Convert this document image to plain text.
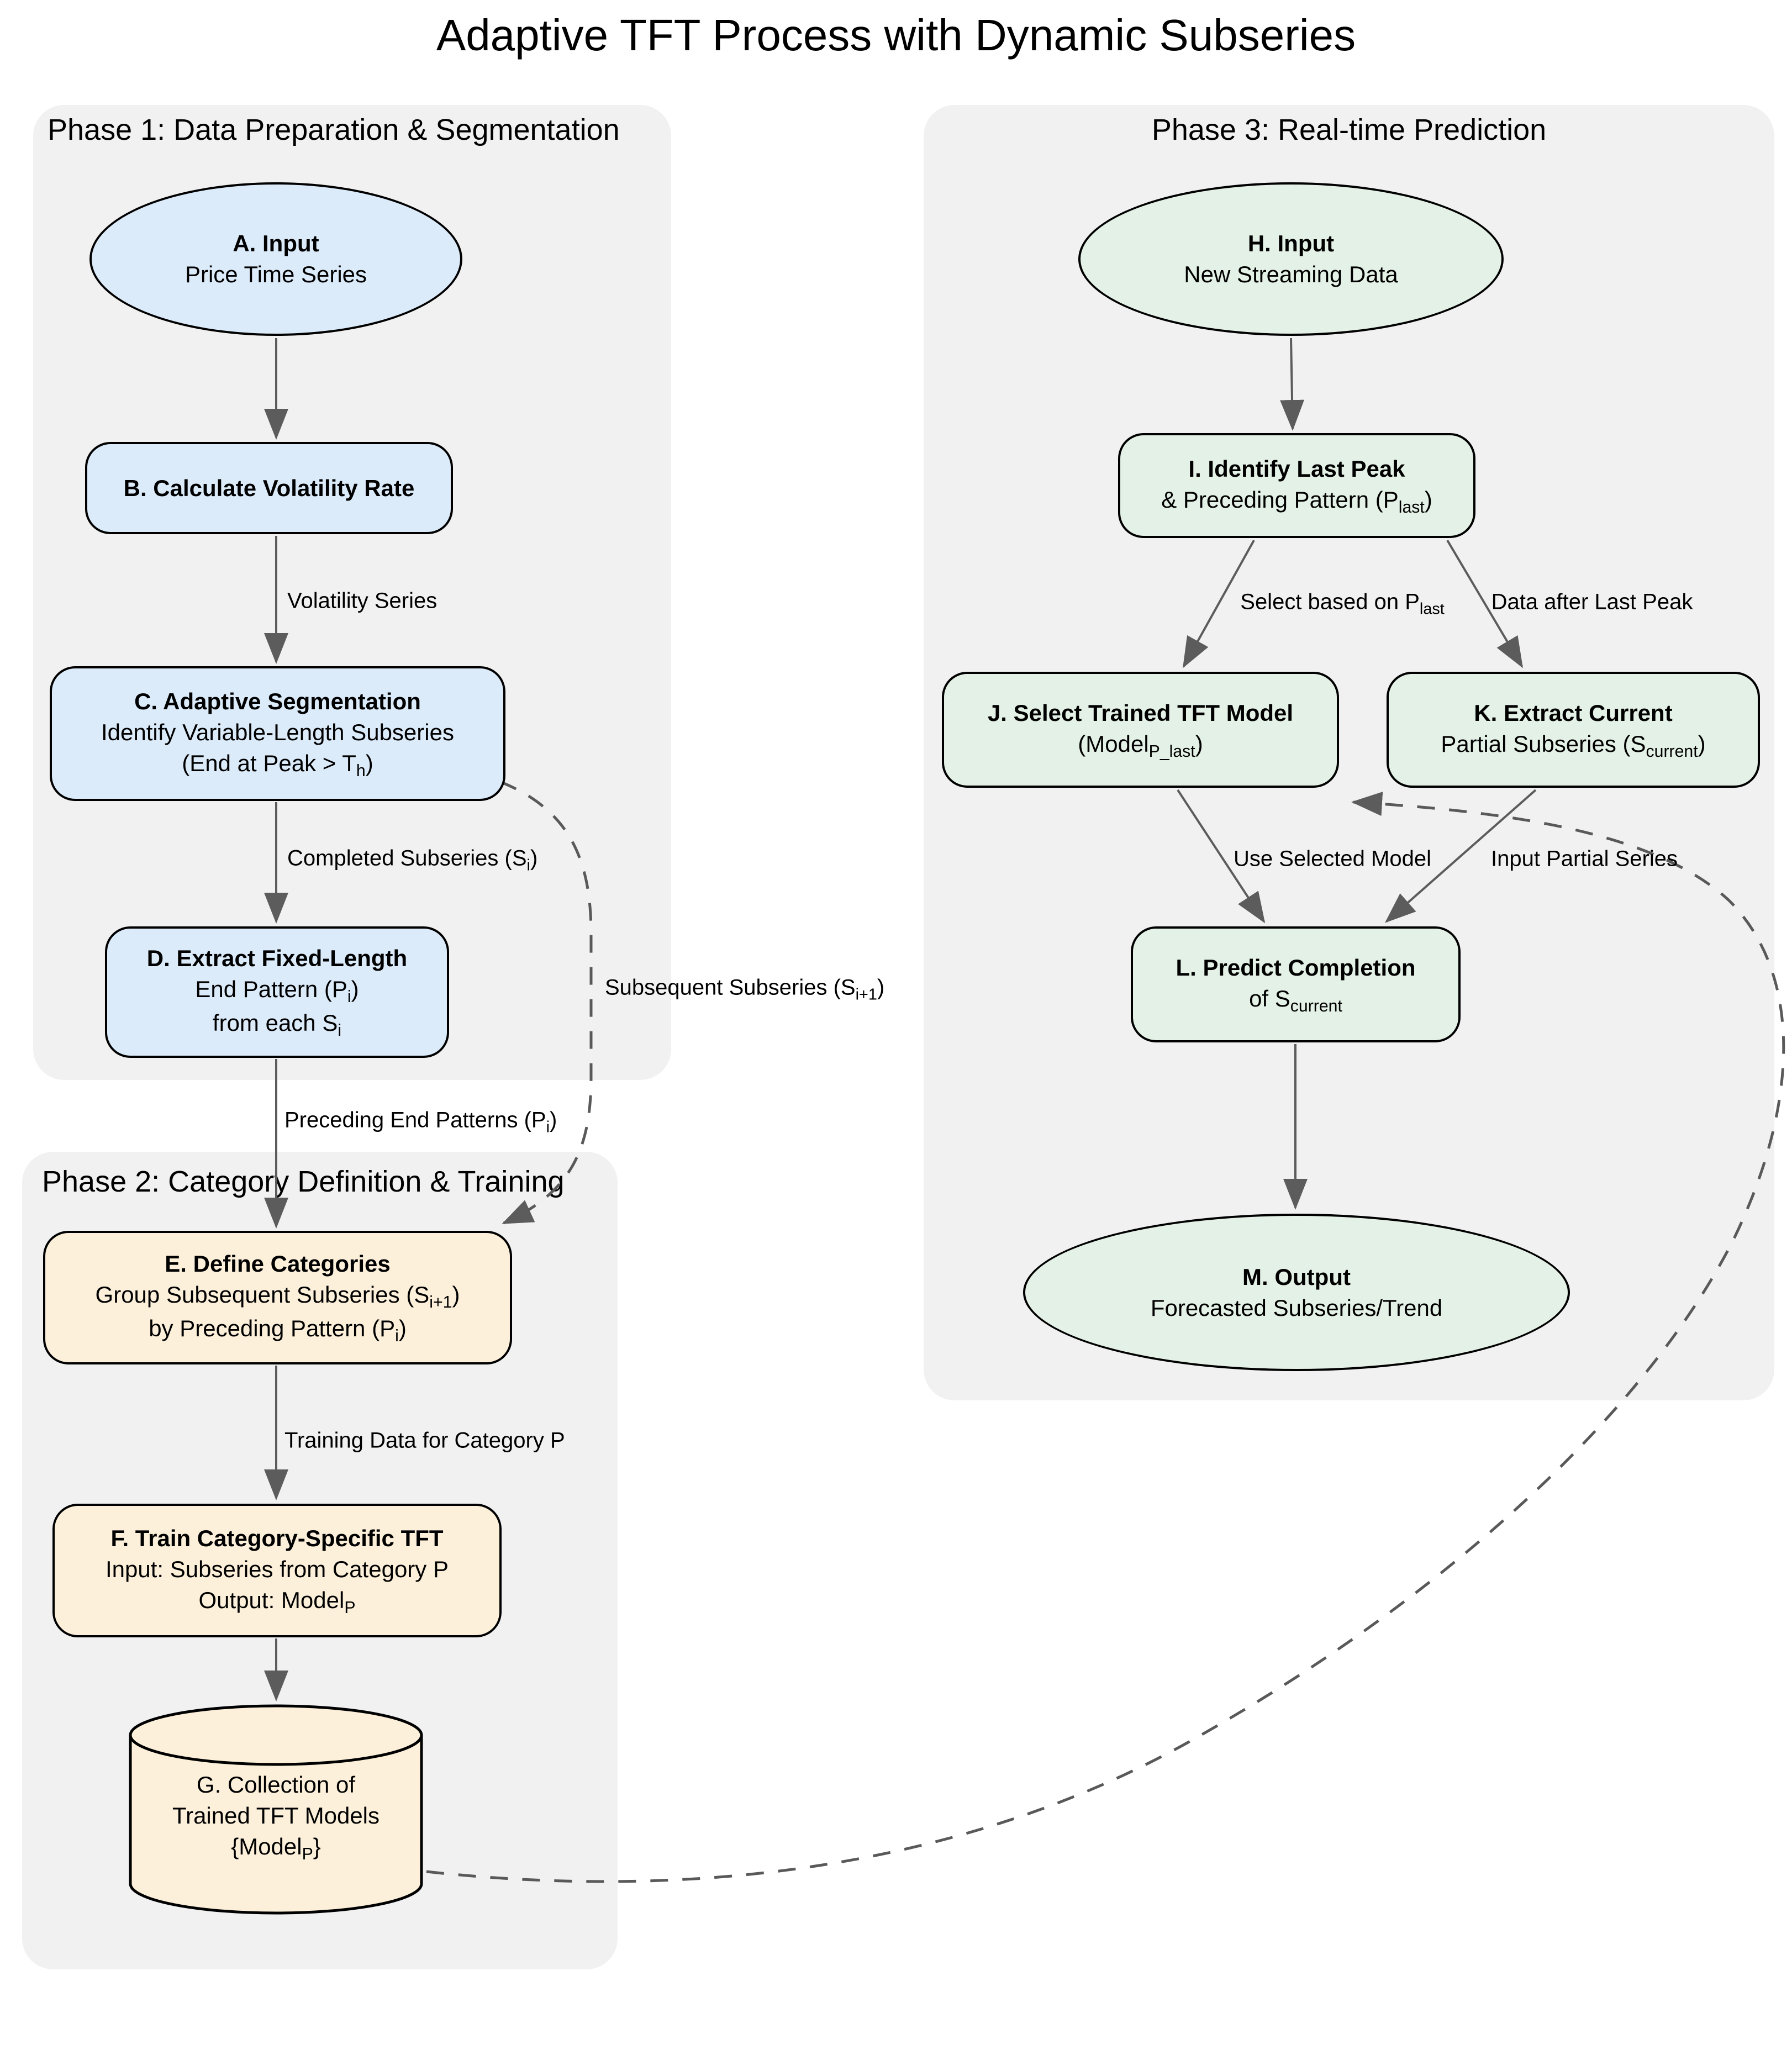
Adaptive TFT Process with Dynamic Subseries
Phase 1: Data Preparation & Segmentation
Phase 2: Category Definition & Training
Phase 3: Real-time Prediction
A. Input
Price Time Series
B. Calculate Volatility Rate
C. Adaptive Segmentation
Identify Variable-Length Subseries
(End at Peak > $T_h$)
D. Extract Fixed-Length
End Pattern $(P_i)$
from each $S_i$
E. Define Categories
Group Subsequent Subseries $(S_{i+1})$
by Preceding Pattern $(P_i)$
F. Train Category-Specific TFT
Input: Subseries from Category P
Output: Model$_P$
G. Collection of
Trained TFT Models
{Model$_P$}
H. Input
New Streaming Data
I. Identify Last Peak
& Preceding Pattern $(P_{last})$
J. Select Trained TFT Model
(Model$_{P\_last}$)
K. Extract Current
Partial Subseries $(S_{current})$
L. Predict Completion
of $S_{current}$
M. Output
Forecasted Subseries/Trend
Volatility Series
Completed Subseries $(S_i)$
Preceding End Patterns $(P_i)$
Subsequent Subseries $(S_{i+1})$
Training Data for Category P
Select based on $P_{last}$ Data after Last Peak
Use Selected Model	Input Partial Series
